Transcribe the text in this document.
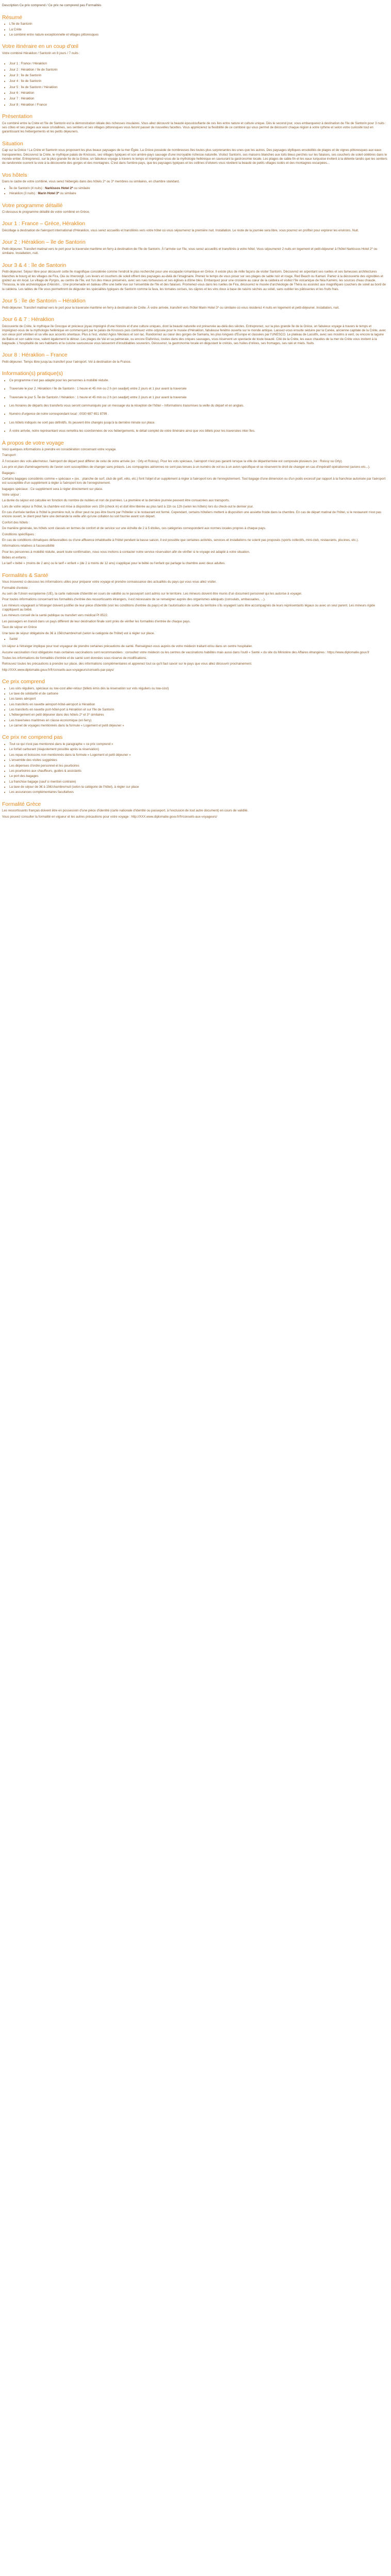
Description Ce prix comprend / Ce prix ne comprend pas Formalités
Résumé
• L'île de Santorin
• La Crète
• Le combiné entre nature exceptionnelle et villages pittoresques
Votre itinéraire en un coup d'œil

Votre combiné Héraklion / Santorin en 8 jours / 7 nuits :

• Jour 1 : France / Héraklion
• Jour 2 : Héraklion / île de Santorin
• Jour 3 : île de Santorin
• Jour 4 : île de Santorin
• Jour 5 : île de Santorin / Héraklion
• Jour 6 : Héraklion
• Jour 7 : Héraklion
• Jour 8 : Héraklion / France
Présentation

Ce combiné entre la Crète et l'île de Santorin est la démonstration idéale des richesses insulaires. Vous allez découvrir la beauté époustouflante de ces îles entre nature et culture unique. Dès le second jour, vous embarquerez à destination de l'île de Santorin pour 3 nuits : ses côtes et ses plages aux eaux cristallines, ses sentiers et ses villages pittoresques vous feront passer de nouvelles facettes. Vous apprécierez la flexibilité de ce combiné qui vous permet de découvrir chaque région à votre rythme et selon votre curiosité tout en garantissant les hébergements et les petits déjeuners.

Situation

Cap sur la Grèce ! La Crète et Santorin vous proposent les plus beaux paysages de la mer Égée. La Grèce possède de nombreuses îles toutes plus surprenantes les unes que les autres. Des paysages idylliques ensoleillés de plages et de vignes pittoresques aux eaux transparentes. Découvrez la Crète, le mythique palais de Knossos, ses villages typiques et son arrière-pays sauvage d'une incroyable richesse naturelle. Visitez Santorin, ses maisons blanches aux toits bleus perchés sur les falaises, ses couchers de soleil célèbres dans le monde entier. Entreprenez, sur la plus grande île de la Grèce, un fabuleux voyage à travers le temps et imprégnez-vous de la mythologie hellénique en savourant la gastronomie locale. Les plages de sable fin et les eaux turquoise invitent à la détente tandis que les sentiers de randonnée ouvrent la voie à la découverte des gorges et des montagnes. C'est dans l'arrière-pays, que les paysages typiques et les collines d'oliviers vous révèlent la beauté de petits villages isolés et des montagnes escarpées...

Vos hôtels

Dans le cadre de votre combiné, vous serez hébergés dans des hôtels 2* ou 3* membres ou similaires, en chambre standard.

• Île de Santorin (4 nuits) : Narkissos Hotel 2* ou similaire
• Héraklion (3 nuits) : Marin Hotel 3* ou similaire
Votre programme détaillé

Ci-dessous le programme détaillé de votre combiné en Grèce.

Jour 1 : France – Grèce, Héraklion

Décollage à destination de l'aéroport international d'Héraklion, vous serez accueillis et transférés vers votre hôtel où vous séjournerez la première nuit. Installation. Le reste de la journée sera libre, vous pourrez en profiter pour explorer les environs. Nuit.

Jour 2 : Héraklion – île de Santorin

Petit-déjeuner. Transfert matinal vers le port pour la traversée maritime en ferry à destination de l'île de Santorin. À l'arrivée sur l'île, vous serez accueillis et transférés à votre hôtel. Vous séjournerez 2 nuits en logement et petit-déjeuner à l'hôtel Narkissos Hotel 2* ou similaire. Installation, nuit.

Jour 3 & 4 : île de Santorin

Petit-déjeuner. Séjour libre pour découvrir cette île magnifique considérée comme l'endroit le plus recherché pour une escapade romantique en Grèce. Il existe plus de mille façons de visiter Santorin. Découvrez en arpentant ses ruelles et ses fameuses architectures blanches le bourg et les villages de Fira, Oia ou Imerovigli. Les levers et couchers de soleil offrent des paysages au-delà de l'imaginaire. Prenez le temps de vous poser sur ses plages de sable noir et rouge, Red Beach ou Kamari. Partez à la découverte des vignobles et goûtez au vin local. Le village de Pyrgos, au centre de l'île, est l'un des mieux préservés, avec ses rues tortueuses et ses églises à dôme bleu. Embarquez pour une croisière au cœur de la caldeira et visitez l'île volcanique de Néa Kaméni, les sources d'eau chaude, Thirassia, le site archéologique d'Akrotiri... Une promenade en bateau offre une belle vue sur l'ensemble de l'île et des falaises. Promenez-vous dans les ruelles de Fira, découvrez le musée d'archéologie de Théra ou assistez aux magnifiques couchers de soleil au bord de la caldeira. Les tables de l'île vous permettront de déguster les spécialités typiques de Santorin comme la fava, les tomates cerises, les câpres et les vins doux à base de raisins séchés au soleil, sans oublier les pâtisseries et les fruits frais.

Jour 5 : île de Santorin – Héraklion

Petit-déjeuner. Transfert matinal vers le port pour la traversée maritime en ferry à destination de Crète. À votre arrivée, transfert vers l'hôtel Marin Hotel 3* ou similaire où vous résiderez 4 nuits en logement et petit-déjeuner. Installation, nuit.

Jour 6 & 7 : Héraklion

Découverte de Crète, le mythique île Grecque et précieux joyau imprégné d'une histoire et d'une culture uniques, dont la beauté naturelle est préservée au-delà des siècles. Entreprenez, sur la plus grande île de la Grèce, un fabuleux voyage à travers le temps et imprégnez-vous de la mythologie hellénique en commençant par le palais de Knossos puis continuez votre odyssée pour le musée d'Héraklion, fabuleuse fenêtre ouverte sur le monde antique. Laissez-vous ensuite séduire par la Canée, ancienne capitale de la Crète, avec son vieux port vénitien et sa ville aux accents orientaux. Plus à l'est, visitez Agios Nikolaos et son lac. Randonnez au cœur des gorges de Samaria, les plus longues d'Europe et classées par l'UNESCO. Le plateau de Lassithi, avec ses moulins à vent, ou encore la lagune de Balos et son sable rose, valent également le détour. Les plages de Vaï et sa palmeraie, ou encore Elafonissi, lovées dans des criques sauvages, vous réservent un spectacle de toute beauté. Cité de la Crète, les eaux chaudes de la mer de Crète vous invitent à la baignade. L'hospitalité de ses habitants et la cuisine savoureuse vous laisseront d'inoubliables souvenirs. Découvrez, la gastronomie locale en dégustant le crétois, ses huiles d'olives, ses fromages, ses raki et miels. Nuits.

Jour 8 : Héraklion – France

Petit-déjeuner. Temps libre jusqu'au transfert pour l'aéroport. Vol à destination de la France.

Information(s) pratique(s)
• Ce programme n'est pas adapté pour les personnes à mobilité réduite.
• Traversée le jour 2. Héraklion / île de Santorin : 1 heure et 45 min ou 2 h (en seadjet) entre 2 jours et 1 jour avant la traversée
• Traversée le jour 5. Île de Santorin / Héraklion : 1 heure et 45 min ou 2 h (en seadjet) entre 2 jours et 1 jour avant la traversée
• Les horaires de départs des transferts vous seront communiqués par un message via la réception de l'hôtel – Informations transmises la veille du départ et en anglais.
• Numéro d'urgence de notre correspondant local : 0030 697 651 8799 .
• Les hôtels indiqués ne sont pas définitifs. Ils peuvent être changés jusqu'à la dernière minute sur place.
• À votre arrivée, notre représentant vous remettra les coordonnées de vos hébergements, le détail complet de votre itinéraire ainsi que vos billets pour les traversées inter-îles.
À propos de votre voyage

Voici quelques informations à prendre en considération concernant votre voyage.

Transport :

À l'occasion des vols aller/retour, l'aéroport de départ peut différer de celui de votre arrivée (ex : Orly et Roissy). Pour les vols spéciaux, l'aéroport n'est pas garanti lorsque la ville de départ/arrivée est composée plusieurs (ex : Roissy ou Orly).

Les prix et plan d'aménagements de l'avion sont susceptibles de changer sans préavis. Les compagnies aériennes ne sont pas tenues à un numéro de vol ou à un avion spécifique et se réservent le droit de changer en cas d'impératif opérationnel (avions etc...).

Bagages :

Certains bagages considérés comme « spéciaux » (ex. : planche de surf, club de golf, vélo, etc.) font l'objet d'un supplément à régler à l'aéroport lors de l'enregistrement. Tout bagage d'une dimension ou d'un poids excessif par rapport à la franchise autorisée par l'aéroport est susceptible d'un supplément à régler à l'aéroport lors de l'enregistrement.

bagages spéciaux : Ce supplément sera à régler directement sur place.

Votre séjour :

La durée du séjour est calculée en fonction du nombre de nuitées et non de journées. La première et la dernière journée peuvent être consacrées aux transports.

Lors de votre séjour à l'hôtel, la chambre est mise à disposition vers 15h (check in) et doit être libérée au plus tard à 11h ou 12h (selon les hôtels) lors du check-out le dernier jour.

En cas d'arrivée tardive à l'hôtel la première nuit, le dîner peut ne pas être fourni par l'hôtelier si le restaurant est fermé. Cependant, certains hôteliers mettent à disposition une assiette froide dans la chambre. En cas de départ matinal de l'hôtel, si le restaurant n'est pas encore ouvert, le client peut faire une demande la veille afin qu'une collation lui soit fournie avant son départ.

Confort des hôtels :

De manière générale, les hôtels sont classés en termes de confort et de service sur une échelle de 2 à 5 étoiles, ces catégories correspondent aux normes locales propres à chaque pays.

Conditions spécifiques :

En cas de conditions climatiques défavorables ou d'une affluence inhabituelle à l'hôtel pendant la basse saison, il est possible que certaines activités, services et installations ne soient pas proposés (sports collectifs, mini-club, restaurants, piscines, etc.).

Informations relatives à l'accessibilité

Pour les personnes à mobilité réduite, avant toute confirmation, nous vous invitons à contacter notre service réservation afin de vérifier si le voyage est adapté à votre situation.

Bébés et enfants :

Le tarif « bébé » (moins de 2 ans) ou le tarif « enfant » (de 2 à moins de 12 ans) s'applique pour le bébé ou l'enfant qui partage la chambre avec deux adultes.

Formalités & Santé

Vous trouverez ci-dessous les informations utiles pour préparer votre voyage et prendre connaissance des actualités du pays qui vous vous allez visiter.

Formalité d'entrée :

Au sein de l'Union européenne (UE), la carte nationale d'identité en cours de validité ou le passeport sont admis sur le territoire. Les mineurs doivent être munis d'un document personnel qui les autorise à voyager.

Pour toutes informations concernant les formalités d'entrée des ressortissants étrangers, il est nécessaire de se renseigner auprès des organismes adéquats (consulats, ambassades, ...).

Les mineurs voyageant à l'étranger doivent justifier de leur pièce d'identité (voir les conditions d'entrée du pays) et de l'autorisation de sortie du territoire s'ils voyagent sans être accompagnés de leurs représentants légaux ou avec un seul parent. Les mineurs rigide s'appliquent au bébé.

Les mineurs conseil de la santé publique ou transfert vers médical Pl 8522.

Les passagers en transit dans un pays différent de leur destination finale sont priés de vérifier les formalités d'entrée de chaque pays.

Taux de séjour en Grèce

Une taxe de séjour obligatoire de 3€ à 15€/chambre/nuit (selon la catégorie de l'hôtel) est à régler sur place.

• Santé

Un séjour à l'étranger implique pour tout voyageur de prendre certaines précautions de santé. Renseignez-vous auprès de votre médecin traitant et/ou dans un centre hospitalier.

Aucune vaccination n'est obligatoire mais certaines vaccinations sont recommandées : consultez votre médecin ou les centres de vaccinations habilités mais aussi dans l'outil « Santé » du site du Ministère des Affaires étrangères : https://www.diplomatie.gouv.fr

Toutes les informations de formalités d'entrée et de santé sont données sous réserve de modifications.

Retrouvez toutes les précautions à prendre sur place, des informations complémentaires et apprenez tout ce qu'il faut savoir sur le pays que vous allez découvrir prochainement.

http://XXX.www.diplomatie.gouv.fr/fr/conseils-aux-voyageurs/conseils-par-pays/

Ce prix comprend
• Les vols réguliers, spéciaux ou low-cost aller-retour (billets émis dès la réservation sur vols réguliers ou low-cost)
• Le taxe de solidarité et de carbone
• Les taxes aéroport
• Les transferts en navette aéroport-hôtel-aéroport à Héraklion
• Les transferts en navette port-hôtel-port à Héraklion et sur l'île de Santorin
• L'hébergement en petit déjeuner dans des hôtels 2* et 3* similaires
• Les traversées maritimes en classe économique (en ferry)
• Le carnet de voyages mentionnés dans la formule « Logement et petit déjeuner »
Ce prix ne comprend pas
• Tout ce qui n'est pas mentionné dans le paragraphe « ce prix comprend »
• Le forfait carburant (réajustement possible après la réservation)
• Les repas et boissons non mentionnés dans la formule « Logement et petit déjeuner »
• L'ensemble des visites suggérées
• Les dépenses d'ordre personnel et les pourboires
• Les pourboires aux chauffeurs, guides & assistants
• Le port des bagages
• La franchise bagage (sauf si mention contraire)
• La taxe de séjour de 3€ à 15€/chambre/nuit (selon la catégorie de l'hôtel), à régler sur place
• Les assurances complémentaires facultatives
Formalité Grèce

Les ressortissants français doivent être en possession d'une pièce d'identité (carte nationale d'identité ou passeport, à l'exclusion de tout autre document) en cours de validité.

Vous pouvez consulter la formalité en vigueur et les autres précautions pour votre voyage : http://XXX.www.diplomatie.gouv.fr/fr/conseils-aux-voyageurs/
